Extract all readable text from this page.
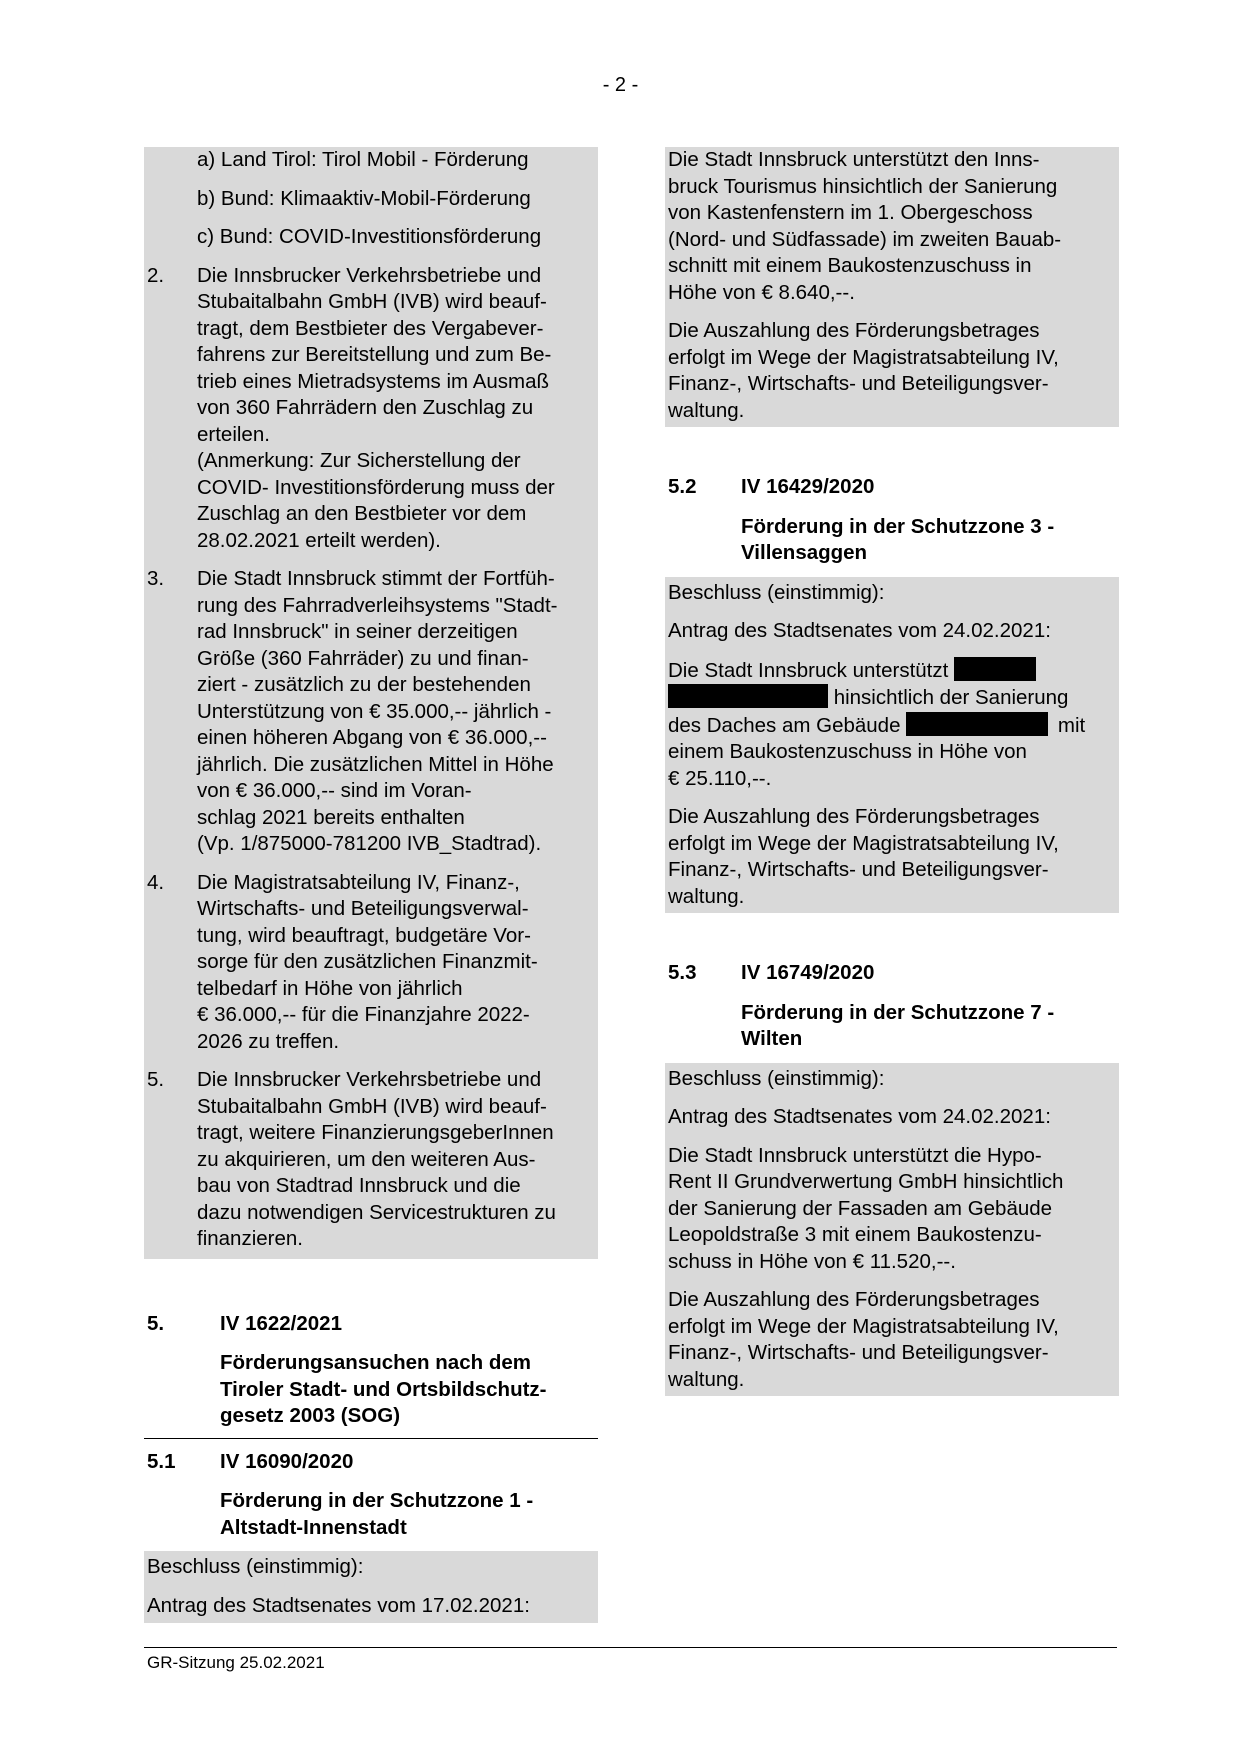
- 2 -

a) Land Tirol: Tirol Mobil - Förderung

b) Bund: Klimaaktiv-Mobil-Förderung

c) Bund: COVID-Investitionsförderung

2.	Die Innsbrucker Verkehrsbetriebe und
Stubaitalbahn GmbH (IVB) wird beauf-
tragt, dem Bestbieter des Vergabever-
fahrens zur Bereitstellung und zum Be-
trieb eines Mietradsystems im Ausmaß
von 360 Fahrrädern den Zuschlag zu
erteilen.
(Anmerkung: Zur Sicherstellung der
COVID- Investitionsförderung muss der
Zuschlag an den Bestbieter vor dem
28.02.2021 erteilt werden).
3.	Die Stadt Innsbruck stimmt der Fortfüh-
rung des Fahrradverleihsystems "Stadt-
rad Innsbruck" in seiner derzeitigen
Größe (360 Fahrräder) zu und finan-
ziert - zusätzlich zu der bestehenden
Unterstützung von € 35.000,-- jährlich -
einen höheren Abgang von € 36.000,--
jährlich. Die zusätzlichen Mittel in Höhe
von € 36.000,-- sind im Voran-
schlag 2021 bereits enthalten
(Vp. 1/875000-781200 IVB_Stadtrad).
4.	Die Magistratsabteilung IV, Finanz-,
Wirtschafts- und Beteiligungsverwal-
tung, wird beauftragt, budgetäre Vor-
sorge für den zusätzlichen Finanzmit-
telbedarf in Höhe von jährlich
€ 36.000,-- für die Finanzjahre 2022-
2026 zu treffen.
5.	Die Innsbrucker Verkehrsbetriebe und
Stubaitalbahn GmbH (IVB) wird beauf-
tragt, weitere FinanzierungsgeberInnen
zu akquirieren, um den weiteren Aus-
bau von Stadtrad Innsbruck und die
dazu notwendigen Servicestrukturen zu
finanzieren.
5.	IV 1622/2021
Förderungsansuchen nach dem
Tiroler Stadt- und Ortsbildschutz-
gesetz 2003 (SOG)
5.1	IV 16090/2020
Förderung in der Schutzzone 1 -
Altstadt-Innenstadt

Beschluss (einstimmig):

Antrag des Stadtsenates vom 17.02.2021:

Die Stadt Innsbruck unterstützt den Inns-
bruck Tourismus hinsichtlich der Sanierung
von Kastenfenstern im 1. Obergeschoss
(Nord- und Südfassade) im zweiten Bauab-
schnitt mit einem Baukostenzuschuss in
Höhe von € 8.640,--.

Die Auszahlung des Förderungsbetrages
erfolgt im Wege der Magistratsabteilung IV,
Finanz-, Wirtschafts- und Beteiligungsver-
waltung.

5.2	IV 16429/2020
Förderung in der Schutzzone 3 -
Villensaggen

Beschluss (einstimmig):

Antrag des Stadtsenates vom 24.02.2021:

Die Stadt Innsbruck unterstützt
hinsichtlich der Sanierung
des Daches am Gebäude	mit
einem Baukostenzuschuss in Höhe von
€ 25.110,--.

Die Auszahlung des Förderungsbetrages
erfolgt im Wege der Magistratsabteilung IV,
Finanz-, Wirtschafts- und Beteiligungsver-
waltung.

5.3	IV 16749/2020
Förderung in der Schutzzone 7 -
Wilten

Beschluss (einstimmig):

Antrag des Stadtsenates vom 24.02.2021:

Die Stadt Innsbruck unterstützt die Hypo-
Rent II Grundverwertung GmbH hinsichtlich
der Sanierung der Fassaden am Gebäude
Leopoldstraße 3 mit einem Baukostenzu-
schuss in Höhe von € 11.520,--.

Die Auszahlung des Förderungsbetrages
erfolgt im Wege der Magistratsabteilung IV,
Finanz-, Wirtschafts- und Beteiligungsver-
waltung.

GR-Sitzung 25.02.2021
